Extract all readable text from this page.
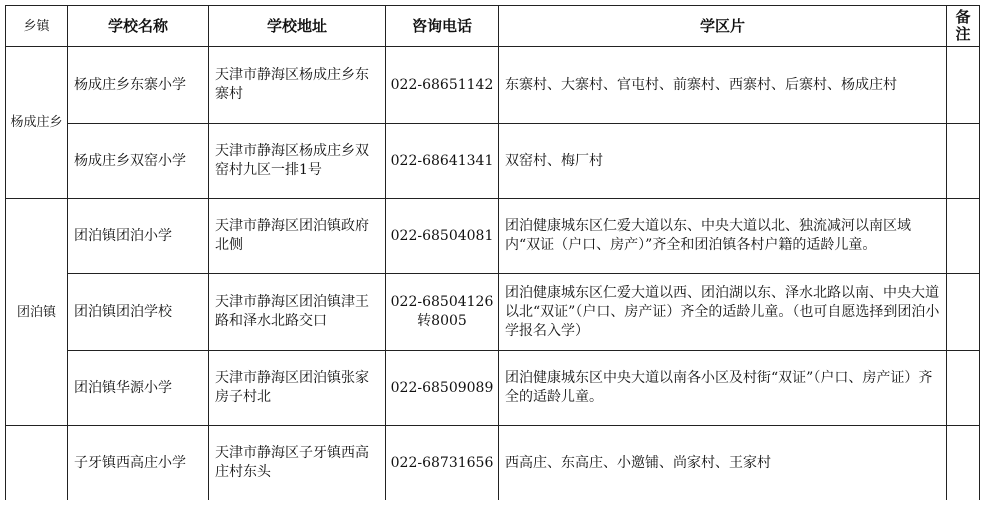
乡镇	学校名称	学校地址	咨询电话	学区片	备
注
杨成庄乡	杨成庄乡东寨小学	天津市静海区杨成庄乡东寨村	022-68651142	东寨村、大寨村、官屯村、前寨村、西寨村、后寨村、杨成庄村	
	杨成庄乡双窑小学	天津市静海区杨成庄乡双窑村九区一排1号	022-68641341	双窑村、梅厂村	
团泊镇	团泊镇团泊小学	天津市静海区团泊镇政府北侧	022-68504081	团泊健康城东区仁爱大道以东、中央大道以北、独流减河以南区域内“双证（户口、房产）”齐全和团泊镇各村户籍的适龄儿童。	
	团泊镇团泊学校	天津市静海区团泊镇津王路和泽水北路交口	022-68504126
转8005	团泊健康城东区仁爱大道以西、团泊湖以东、泽水北路以南、中央大道以北“双证”（户口、房产证）齐全的适龄儿童。（也可自愿选择到团泊小学报名入学）	
	团泊镇华源小学	天津市静海区团泊镇张家房子村北	022-68509089	团泊健康城东区中央大道以南各小区及村街“双证”（户口、房产证）齐全的适龄儿童。	
	子牙镇西高庄小学	天津市静海区子牙镇西高庄村东头	022-68731656	西高庄、东高庄、小邀铺、尚家村、王家村	
